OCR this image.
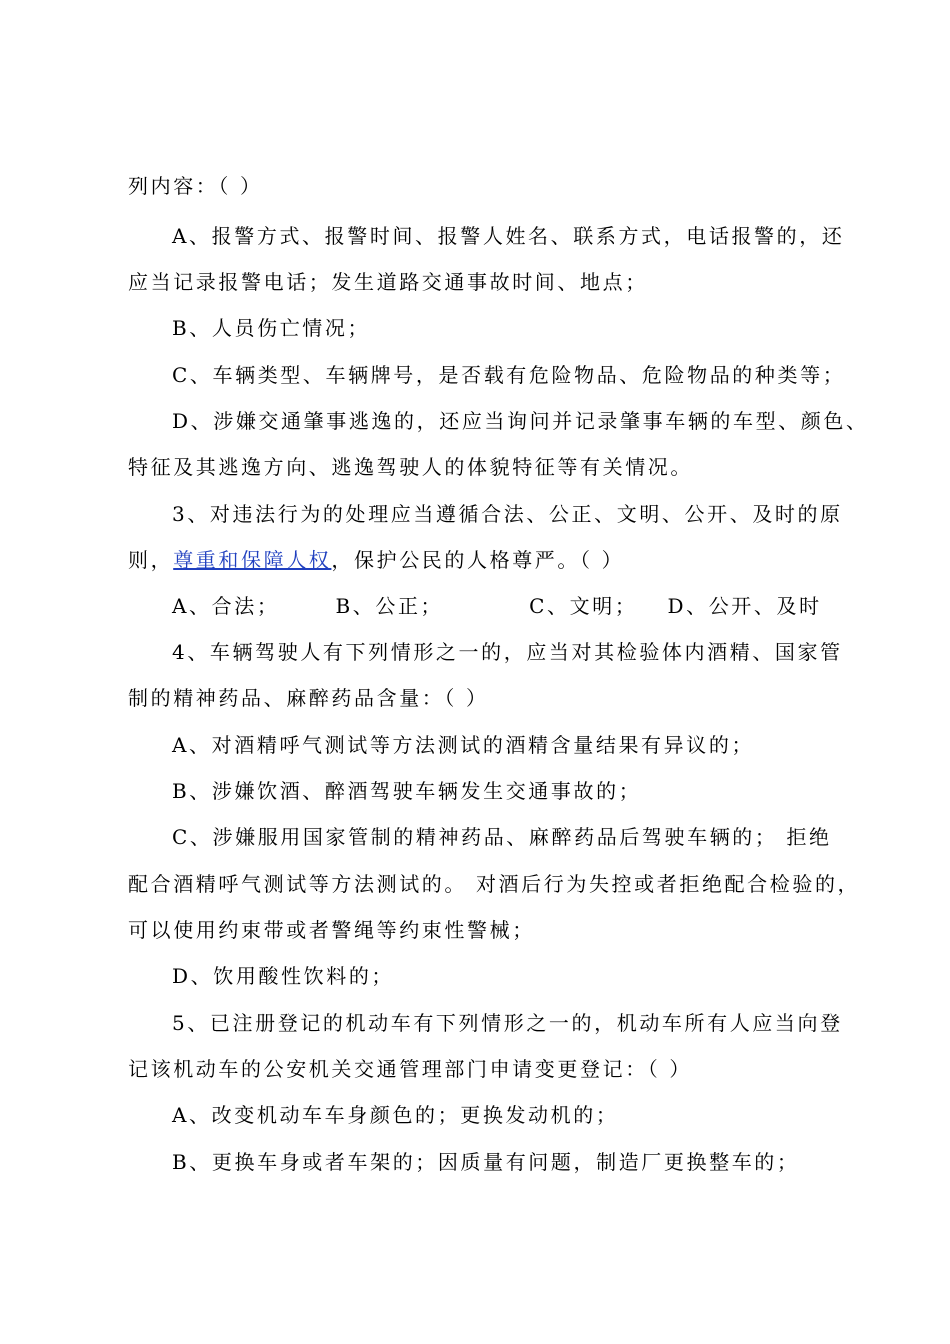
列内容：（ ）
A、报警方式、报警时间、报警人姓名、联系方式，电话报警的，还
应当记录报警电话；发生道路交通事故时间、地点；
B、人员伤亡情况；
C、车辆类型、车辆牌号，是否载有危险物品、危险物品的种类等；
D、涉嫌交通肇事逃逸的，还应当询问并记录肇事车辆的车型、颜色、
特征及其逃逸方向、逃逸驾驶人的体貌特征等有关情况。
3、对违法行为的处理应当遵循合法、公正、文明、公开、及时的原
则，尊重和保障人权，保护公民的人格尊严。（ ）
A、合法；	B、公正；	C、文明； D、公开、及时
4、车辆驾驶人有下列情形之一的，应当对其检验体内酒精、国家管
制的精神药品、麻醉药品含量：（ ）
A、对酒精呼气测试等方法测试的酒精含量结果有异议的；
B、涉嫌饮酒、醉酒驾驶车辆发生交通事故的；
C、涉嫌服用国家管制的精神药品、麻醉药品后驾驶车辆的； 拒绝
配合酒精呼气测试等方法测试的。 对酒后行为失控或者拒绝配合检验的，
可以使用约束带或者警绳等约束性警械；
D、饮用酸性饮料的；
5、已注册登记的机动车有下列情形之一的，机动车所有人应当向登
记该机动车的公安机关交通管理部门申请变更登记：（ ）
A、改变机动车车身颜色的；更换发动机的；
B、更换车身或者车架的；因质量有问题，制造厂更换整车的；
